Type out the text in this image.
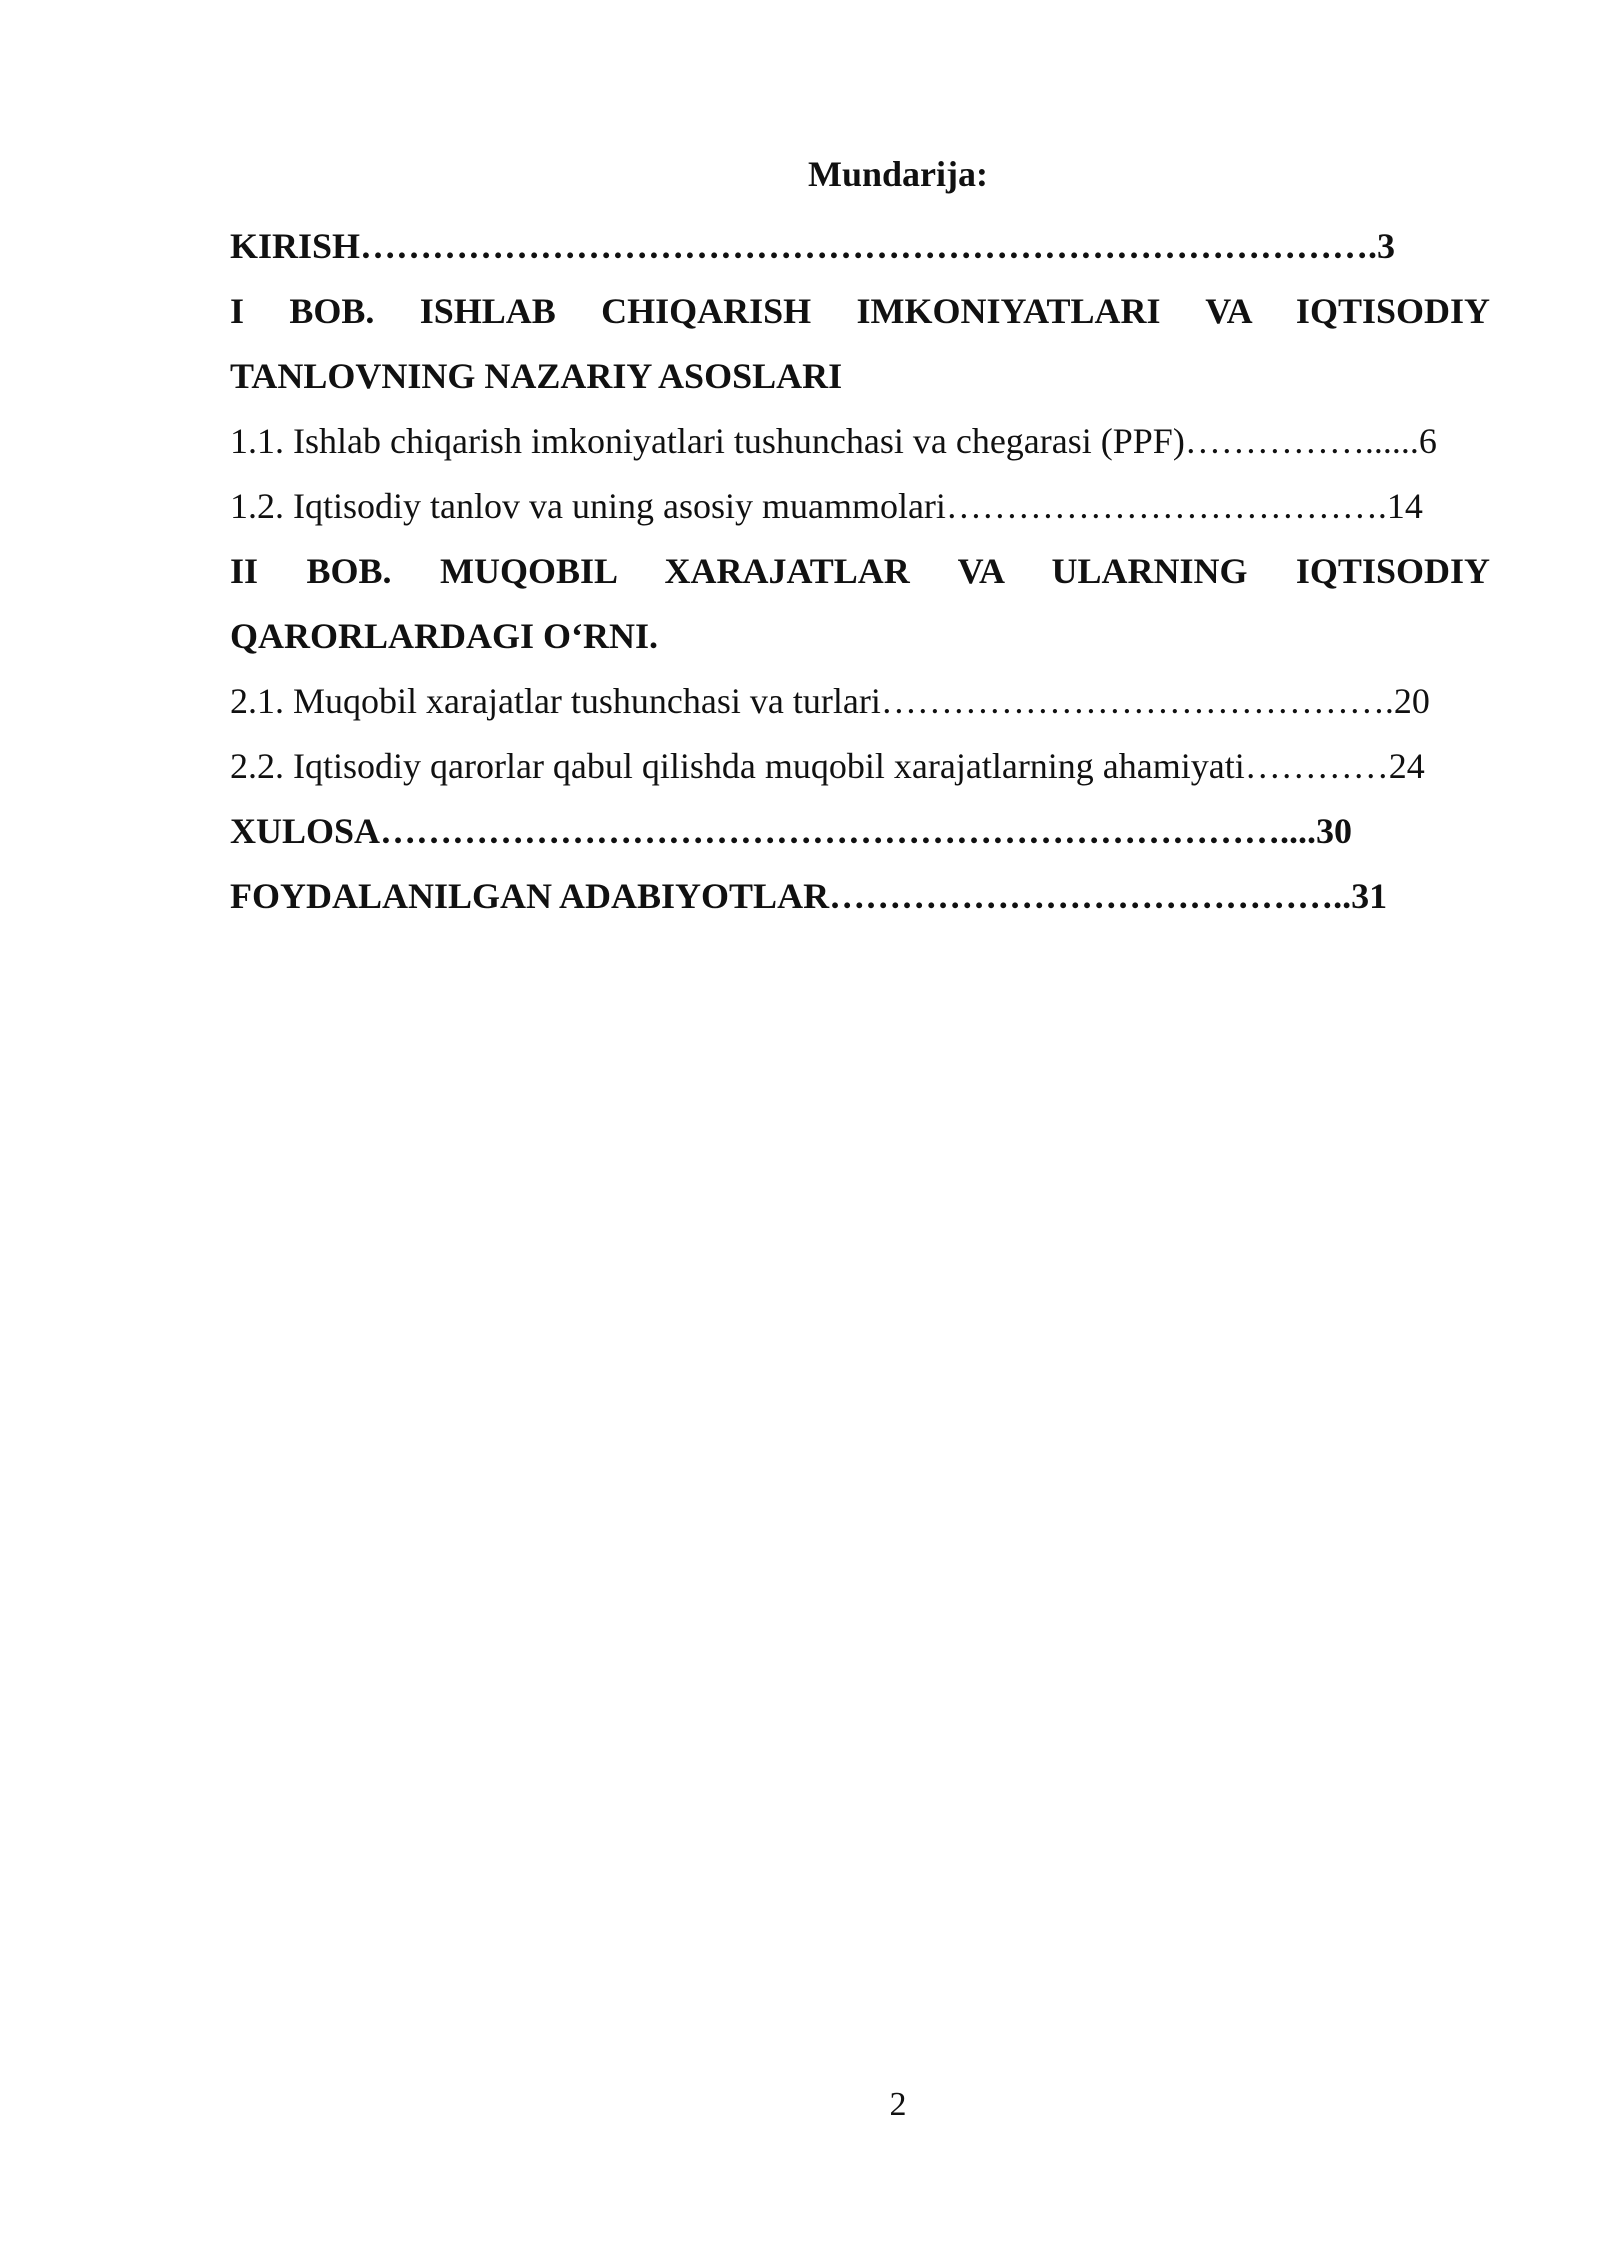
Mundarija:
KIRISH………………………………………………………………………….3
I BOB. ISHLAB CHIQARISH IMKONIYATLARI VA IQTISODIY
TANLOVNING NAZARIY ASOSLARI
1.1. Ishlab chiqarish imkoniyatlari tushunchasi va chegarasi (PPF)……………......6
1.2. Iqtisodiy tanlov va uning asosiy muammolari……………………………….14
II BOB. MUQOBIL XARAJATLAR VA ULARNING IQTISODIY
QARORLARDAGI O‘RNI.
2.1. Muqobil xarajatlar tushunchasi va turlari…………………………………….20
2.2. Iqtisodiy qarorlar qabul qilishda muqobil xarajatlarning ahamiyati…………24
XULOSA…………………………………………………………………....30
FOYDALANILGAN ADABIYOTLAR……………………………………..31
2
